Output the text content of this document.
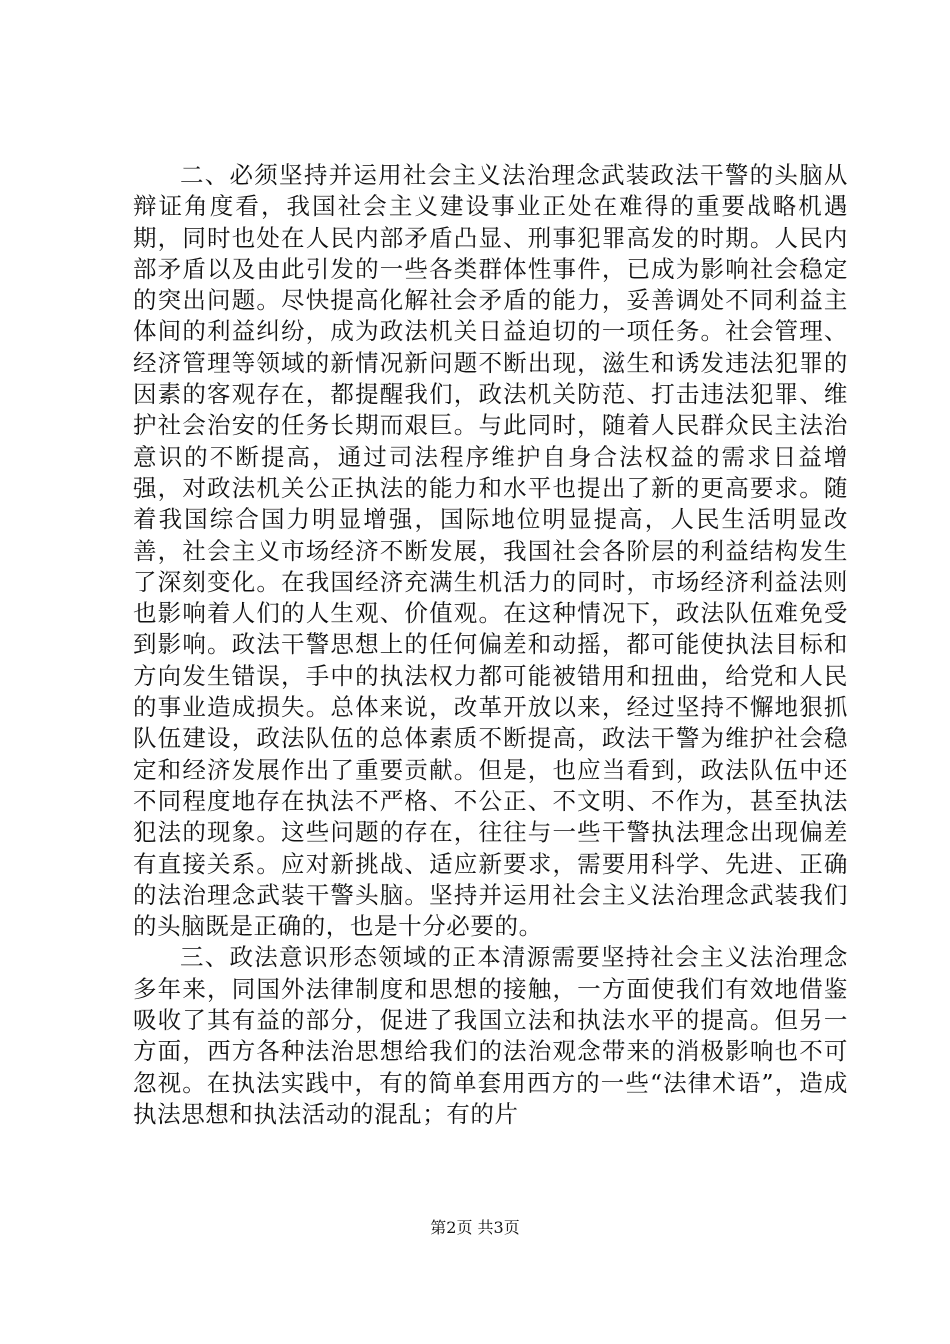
二、必须坚持并运用社会主义法治理念武装政法干警的头脑从辩证角度看，我国社会主义建设事业正处在难得的重要战略机遇期，同时也处在人民内部矛盾凸显、刑事犯罪高发的时期。人民内部矛盾以及由此引发的一些各类群体性事件，已成为影响社会稳定的突出问题。尽快提高化解社会矛盾的能力，妥善调处不同利益主体间的利益纠纷，成为政法机关日益迫切的一项任务。社会管理、经济管理等领域的新情况新问题不断出现，滋生和诱发违法犯罪的因素的客观存在，都提醒我们，政法机关防范、打击违法犯罪、维护社会治安的任务长期而艰巨。与此同时，随着人民群众民主法治意识的不断提高，通过司法程序维护自身合法权益的需求日益增强，对政法机关公正执法的能力和水平也提出了新的更高要求。随着我国综合国力明显增强，国际地位明显提高，人民生活明显改善，社会主义市场经济不断发展，我国社会各阶层的利益结构发生了深刻变化。在我国经济充满生机活力的同时，市场经济利益法则也影响着人们的人生观、价值观。在这种情况下，政法队伍难免受到影响。政法干警思想上的任何偏差和动摇，都可能使执法目标和方向发生错误，手中的执法权力都可能被错用和扭曲，给党和人民的事业造成损失。总体来说，改革开放以来，经过坚持不懈地狠抓队伍建设，政法队伍的总体素质不断提高，政法干警为维护社会稳定和经济发展作出了重要贡献。但是，也应当看到，政法队伍中还不同程度地存在执法不严格、不公正、不文明、不作为，甚至执法犯法的现象。这些问题的存在，往往与一些干警执法理念出现偏差有直接关系。应对新挑战、适应新要求，需要用科学、先进、正确的法治理念武装干警头脑。坚持并运用社会主义法治理念武装我们的头脑既是正确的，也是十分必要的。

三、政法意识形态领域的正本清源需要坚持社会主义法治理念多年来，同国外法律制度和思想的接触，一方面使我们有效地借鉴吸收了其有益的部分，促进了我国立法和执法水平的提高。但另一方面，西方各种法治思想给我们的法治观念带来的消极影响也不可忽视。在执法实践中，有的简单套用西方的一些“法律术语”，造成执法思想和执法活动的混乱；有的片

第2页 共3页
